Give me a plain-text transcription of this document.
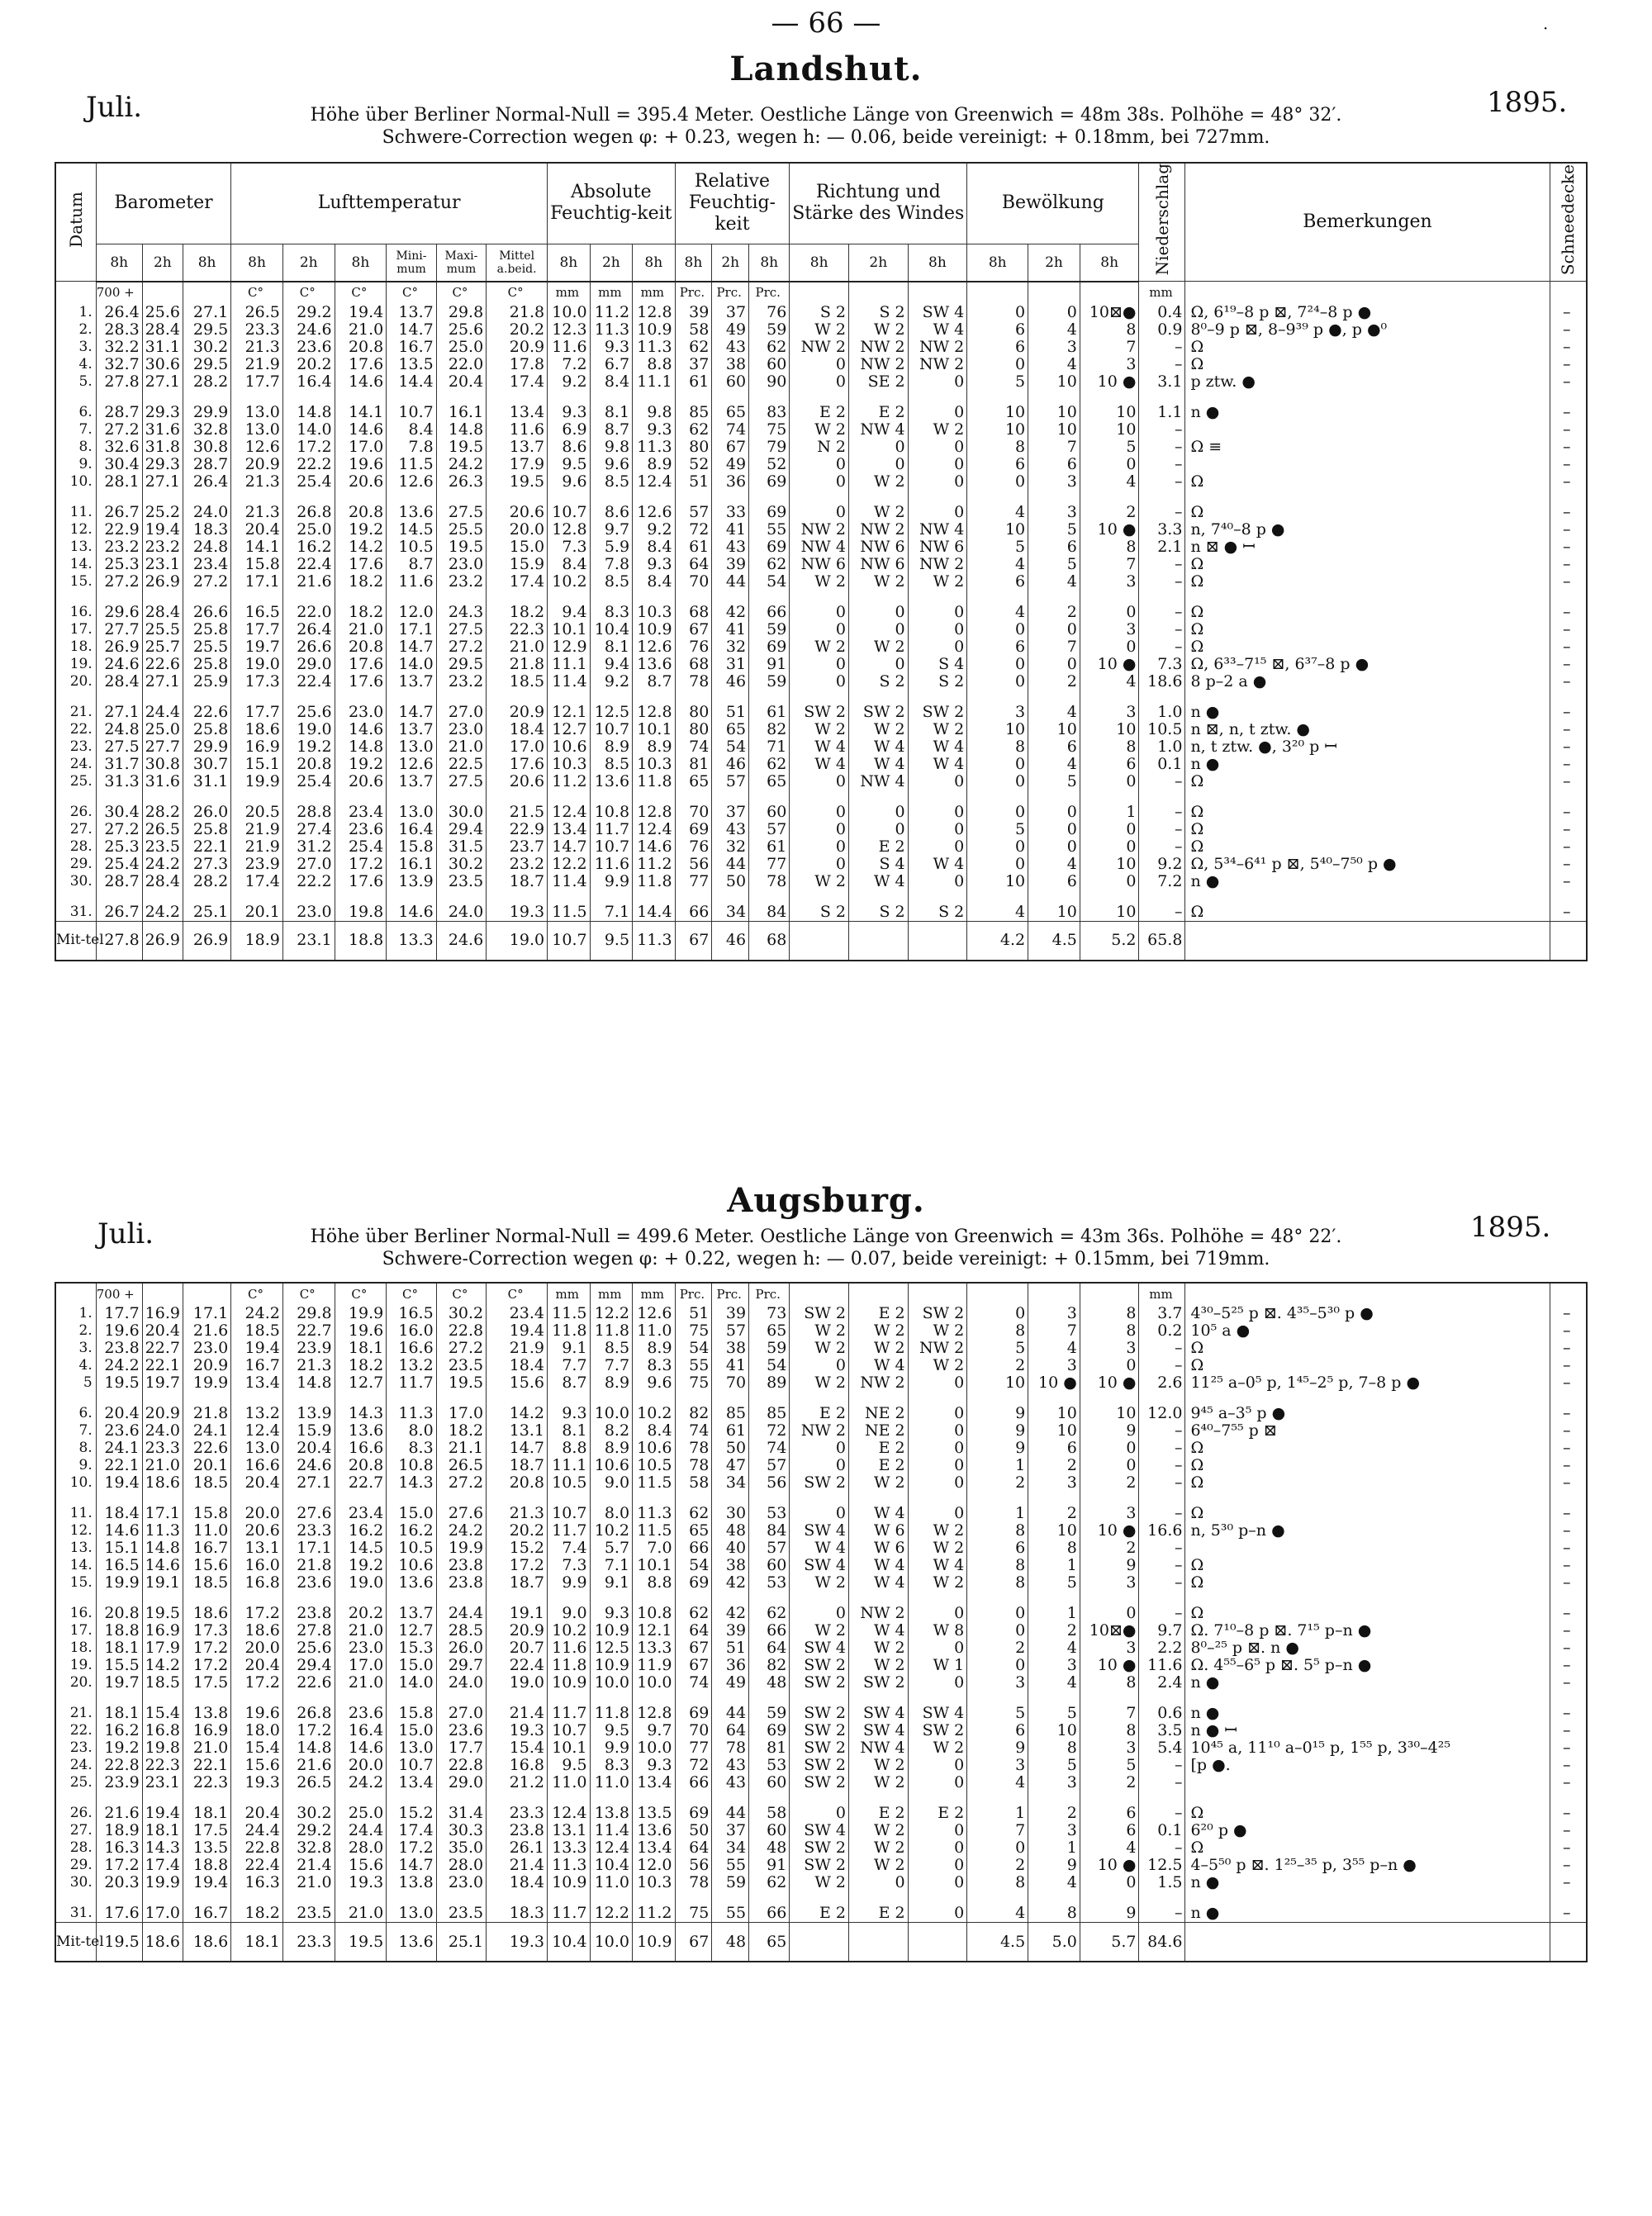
— 66 —	·
Landshut.
Juli.	1895.
Höhe über Berliner Normal-Null = 395.4 Meter. Oestliche Länge von Greenwich = 48m 38s. Polhöhe = 48° 32′.
Schwere-Correction wegen φ: + 0.23, wegen h: — 0.06, beide vereinigt: + 0.18mm, bei 727mm.
Datum	Barometer			Lufttemperatur						Absolute Feuchtig-keit			Relative Feuchtig-keit			Richtung und Stärke des Windes			Bewölkung			Niederschlag	Bemerkungen	Schneedecke
	8h	2h	8h	8h	2h	8h	Mini-mum	Maxi-mum	Mittel a.beid.	8h	2h	8h	8h	2h	8h	8h	2h	8h	8h	2h	8h			
	700 +			C°	C°	C°	C°	C°	C°	mm	mm	mm	Prc.	Prc.	Prc.							mm		
1.	26.4	25.6	27.1	26.5	29.2	19.4	13.7	29.8	21.8	10.0	11.2	12.8	39	37	76	S 2	S 2	SW 4	0	0	10⊠●	0.4	Ω, 6¹⁹–8 p ⊠, 7²⁴–8 p ●	–
2.	28.3	28.4	29.5	23.3	24.6	21.0	14.7	25.6	20.2	12.3	11.3	10.9	58	49	59	W 2	W 2	W 4	6	4	8	0.9	8⁰–9 p ⊠, 8–9³⁹ p ●, p ●⁰	–
3.	32.2	31.1	30.2	21.3	23.6	20.8	16.7	25.0	20.9	11.6	9.3	11.3	62	43	62	NW 2	NW 2	NW 2	6	3	7	–	Ω	–
4.	32.7	30.6	29.5	21.9	20.2	17.6	13.5	22.0	17.8	7.2	6.7	8.8	37	38	60	0	NW 2	NW 2	0	4	3	–	Ω	–
5.	27.8	27.1	28.2	17.7	16.4	14.6	14.4	20.4	17.4	9.2	8.4	11.1	61	60	90	0	SE 2	0	5	10	10 ●	3.1	p ztw. ●	–

6.	28.7	29.3	29.9	13.0	14.8	14.1	10.7	16.1	13.4	9.3	8.1	9.8	85	65	83	E 2	E 2	0	10	10	10	1.1	n ●	–
7.	27.2	31.6	32.8	13.0	14.0	14.6	8.4	14.8	11.6	6.9	8.7	9.3	62	74	75	W 2	NW 4	W 2	10	10	10	–		–
8.	32.6	31.8	30.8	12.6	17.2	17.0	7.8	19.5	13.7	8.6	9.8	11.3	80	67	79	N 2	0	0	8	7	5	–	Ω ≡	–
9.	30.4	29.3	28.7	20.9	22.2	19.6	11.5	24.2	17.9	9.5	9.6	8.9	52	49	52	0	0	0	6	6	0	–		–
10.	28.1	27.1	26.4	21.3	25.4	20.6	12.6	26.3	19.5	9.6	8.5	12.4	51	36	69	0	W 2	0	0	3	4	–	Ω	–

11.	26.7	25.2	24.0	21.3	26.8	20.8	13.6	27.5	20.6	10.7	8.6	12.6	57	33	69	0	W 2	0	4	3	2	–	Ω	–
12.	22.9	19.4	18.3	20.4	25.0	19.2	14.5	25.5	20.0	12.8	9.7	9.2	72	41	55	NW 2	NW 2	NW 4	10	5	10 ●	3.3	n, 7⁴⁰–8 p ●	–
13.	23.2	23.2	24.8	14.1	16.2	14.2	10.5	19.5	15.0	7.3	5.9	8.4	61	43	69	NW 4	NW 6	NW 6	5	6	8	2.1	n ⊠ ● ꟷ	–
14.	25.3	23.1	23.4	15.8	22.4	17.6	8.7	23.0	15.9	8.4	7.8	9.3	64	39	62	NW 6	NW 6	NW 2	4	5	7	–	Ω	–
15.	27.2	26.9	27.2	17.1	21.6	18.2	11.6	23.2	17.4	10.2	8.5	8.4	70	44	54	W 2	W 2	W 2	6	4	3	–	Ω	–

16.	29.6	28.4	26.6	16.5	22.0	18.2	12.0	24.3	18.2	9.4	8.3	10.3	68	42	66	0	0	0	4	2	0	–	Ω	–
17.	27.7	25.5	25.8	17.7	26.4	21.0	17.1	27.5	22.3	10.1	10.4	10.9	67	41	59	0	0	0	0	0	3	–	Ω	–
18.	26.9	25.7	25.5	19.7	26.6	20.8	14.7	27.2	21.0	12.9	8.1	12.6	76	32	69	W 2	W 2	0	6	7	0	–	Ω	–
19.	24.6	22.6	25.8	19.0	29.0	17.6	14.0	29.5	21.8	11.1	9.4	13.6	68	31	91	0	0	S 4	0	0	10 ●	7.3	Ω, 6³³–7¹⁵ ⊠, 6³⁷–8 p ●	–
20.	28.4	27.1	25.9	17.3	22.4	17.6	13.7	23.2	18.5	11.4	9.2	8.7	78	46	59	0	S 2	S 2	0	2	4	18.6	8 p–2 a ●	–

21.	27.1	24.4	22.6	17.7	25.6	23.0	14.7	27.0	20.9	12.1	12.5	12.8	80	51	61	SW 2	SW 2	SW 2	3	4	3	1.0	n ●	–
22.	24.8	25.0	25.8	18.6	19.0	14.6	13.7	23.0	18.4	12.7	10.7	10.1	80	65	82	W 2	W 2	W 2	10	10	10	10.5	n ⊠, n, t ztw. ●	–
23.	27.5	27.7	29.9	16.9	19.2	14.8	13.0	21.0	17.0	10.6	8.9	8.9	74	54	71	W 4	W 4	W 4	8	6	8	1.0	n, t ztw. ●, 3²⁰ p ꟷ	–
24.	31.7	30.8	30.7	15.1	20.8	19.2	12.6	22.5	17.6	10.3	8.5	10.3	81	46	62	W 4	W 4	W 4	0	4	6	0.1	n ●	–
25.	31.3	31.6	31.1	19.9	25.4	20.6	13.7	27.5	20.6	11.2	13.6	11.8	65	57	65	0	NW 4	0	0	5	0	–	Ω	–

26.	30.4	28.2	26.0	20.5	28.8	23.4	13.0	30.0	21.5	12.4	10.8	12.8	70	37	60	0	0	0	0	0	1	–	Ω	–
27.	27.2	26.5	25.8	21.9	27.4	23.6	16.4	29.4	22.9	13.4	11.7	12.4	69	43	57	0	0	0	5	0	0	–	Ω	–
28.	25.3	23.5	22.1	21.9	31.2	25.4	15.8	31.5	23.7	14.7	10.7	14.6	76	32	61	0	E 2	0	0	0	0	–	Ω	–
29.	25.4	24.2	27.3	23.9	27.0	17.2	16.1	30.2	23.2	12.2	11.6	11.2	56	44	77	0	S 4	W 4	0	4	10	9.2	Ω, 5³⁴–6⁴¹ p ⊠, 5⁴⁰–7⁵⁰ p ●	–
30.	28.7	28.4	28.2	17.4	22.2	17.6	13.9	23.5	18.7	11.4	9.9	11.8	77	50	78	W 2	W 4	0	10	6	0	7.2	n ●	–

31.	26.7	24.2	25.1	20.1	23.0	19.8	14.6	24.0	19.3	11.5	7.1	14.4	66	34	84	S 2	S 2	S 2	4	10	10	–	Ω	–
Mit-tel	27.8	26.9	26.9	18.9	23.1	18.8	13.3	24.6	19.0	10.7	9.5	11.3	67	46	68				4.2	4.5	5.2	65.8		
Augsburg.
Juli.	1895.
Höhe über Berliner Normal-Null = 499.6 Meter. Oestliche Länge von Greenwich = 43m 36s. Polhöhe = 48° 22′.
Schwere-Correction wegen φ: + 0.22, wegen h: — 0.07, beide vereinigt: + 0.15mm, bei 719mm.
	700 +			C°	C°	C°	C°	C°	C°	mm	mm	mm	Prc.	Prc.	Prc.							mm		
1.	17.7	16.9	17.1	24.2	29.8	19.9	16.5	30.2	23.4	11.5	12.2	12.6	51	39	73	SW 2	E 2	SW 2	0	3	8	3.7	4³⁰–5²⁵ p ⊠. 4³⁵–5³⁰ p ●	–
2.	19.6	20.4	21.6	18.5	22.7	19.6	16.0	22.8	19.4	11.8	11.8	11.0	75	57	65	W 2	W 2	W 2	8	7	8	0.2	10⁵ a ●	–
3.	23.8	22.7	23.0	19.4	23.9	18.1	16.6	27.2	21.9	9.1	8.5	8.9	54	38	59	W 2	W 2	NW 2	5	4	3	–	Ω	–
4.	24.2	22.1	20.9	16.7	21.3	18.2	13.2	23.5	18.4	7.7	7.7	8.3	55	41	54	0	W 4	W 2	2	3	0	–	Ω	–
5	19.5	19.7	19.9	13.4	14.8	12.7	11.7	19.5	15.6	8.7	8.9	9.6	75	70	89	W 2	NW 2	0	10	10 ●	10 ●	2.6	11²⁵ a–0⁵ p, 1⁴⁵–2⁵ p, 7–8 p ●	–

6.	20.4	20.9	21.8	13.2	13.9	14.3	11.3	17.0	14.2	9.3	10.0	10.2	82	85	85	E 2	NE 2	0	9	10	10	12.0	9⁴⁵ a–3⁵ p ●	–
7.	23.6	24.0	24.1	12.4	15.9	13.6	8.0	18.2	13.1	8.1	8.2	8.4	74	61	72	NW 2	NE 2	0	9	10	9	–	6⁴⁰–7⁵⁵ p ⊠	–
8.	24.1	23.3	22.6	13.0	20.4	16.6	8.3	21.1	14.7	8.8	8.9	10.6	78	50	74	0	E 2	0	9	6	0	–	Ω	–
9.	22.1	21.0	20.1	16.6	24.6	20.8	10.8	26.5	18.7	11.1	10.6	10.5	78	47	57	0	E 2	0	1	2	0	–	Ω	–
10.	19.4	18.6	18.5	20.4	27.1	22.7	14.3	27.2	20.8	10.5	9.0	11.5	58	34	56	SW 2	W 2	0	2	3	2	–	Ω	–

11.	18.4	17.1	15.8	20.0	27.6	23.4	15.0	27.6	21.3	10.7	8.0	11.3	62	30	53	0	W 4	0	1	2	3	–	Ω	–
12.	14.6	11.3	11.0	20.6	23.3	16.2	16.2	24.2	20.2	11.7	10.2	11.5	65	48	84	SW 4	W 6	W 2	8	10	10 ●	16.6	n, 5³⁰ p–n ●	–
13.	15.1	14.8	16.7	13.1	17.1	14.5	10.5	19.9	15.2	7.4	5.7	7.0	66	40	57	W 4	W 6	W 2	6	8	2	–		–
14.	16.5	14.6	15.6	16.0	21.8	19.2	10.6	23.8	17.2	7.3	7.1	10.1	54	38	60	SW 4	W 4	W 4	8	1	9	–	Ω	–
15.	19.9	19.1	18.5	16.8	23.6	19.0	13.6	23.8	18.7	9.9	9.1	8.8	69	42	53	W 2	W 4	W 2	8	5	3	–	Ω	–

16.	20.8	19.5	18.6	17.2	23.8	20.2	13.7	24.4	19.1	9.0	9.3	10.8	62	42	62	0	NW 2	0	0	1	0	–	Ω	–
17.	18.8	16.9	17.3	18.6	27.8	21.0	12.7	28.5	20.9	10.2	10.9	12.1	64	39	66	W 2	W 4	W 8	0	2	10⊠●	9.7	Ω. 7¹⁰–8 p ⊠. 7¹⁵ p–n ●	–
18.	18.1	17.9	17.2	20.0	25.6	23.0	15.3	26.0	20.7	11.6	12.5	13.3	67	51	64	SW 4	W 2	0	2	4	3	2.2	8⁰–²⁵ p ⊠. n ●	–
19.	15.5	14.2	17.2	20.4	29.4	17.0	15.0	29.7	22.4	11.8	10.9	11.9	67	36	82	SW 2	W 2	W 1	0	3	10 ●	11.6	Ω. 4⁵⁵–6⁵ p ⊠. 5⁵ p–n ●	–
20.	19.7	18.5	17.5	17.2	22.6	21.0	14.0	24.0	19.0	10.9	10.0	10.0	74	49	48	SW 2	SW 2	0	3	4	8	2.4	n ●	–

21.	18.1	15.4	13.8	19.6	26.8	23.6	15.8	27.0	21.4	11.7	11.8	12.8	69	44	59	SW 2	SW 4	SW 4	5	5	7	0.6	n ●	–
22.	16.2	16.8	16.9	18.0	17.2	16.4	15.0	23.6	19.3	10.7	9.5	9.7	70	64	69	SW 2	SW 4	SW 2	6	10	8	3.5	n ● ꟷ	–
23.	19.2	19.8	21.0	15.4	14.8	14.6	13.0	17.7	15.4	10.1	9.9	10.0	77	78	81	SW 2	NW 4	W 2	9	8	3	5.4	10⁴⁵ a, 11¹⁰ a–0¹⁵ p, 1⁵⁵ p, 3³⁰–4²⁵	–
24.	22.8	22.3	22.1	15.6	21.6	20.0	10.7	22.8	16.8	9.5	8.3	9.3	72	43	53	SW 2	W 2	0	3	5	5	–	[p ●.	–
25.	23.9	23.1	22.3	19.3	26.5	24.2	13.4	29.0	21.2	11.0	11.0	13.4	66	43	60	SW 2	W 2	0	4	3	2	–		–

26.	21.6	19.4	18.1	20.4	30.2	25.0	15.2	31.4	23.3	12.4	13.8	13.5	69	44	58	0	E 2	E 2	1	2	6	–	Ω	–
27.	18.9	18.1	17.5	24.4	29.2	24.4	17.4	30.3	23.8	13.1	11.4	13.6	50	37	60	SW 4	W 2	0	7	3	6	0.1	6²⁰ p ●	–
28.	16.3	14.3	13.5	22.8	32.8	28.0	17.2	35.0	26.1	13.3	12.4	13.4	64	34	48	SW 2	W 2	0	0	1	4	–	Ω	–
29.	17.2	17.4	18.8	22.4	21.4	15.6	14.7	28.0	21.4	11.3	10.4	12.0	56	55	91	SW 2	W 2	0	2	9	10 ●	12.5	4–5⁵⁰ p ⊠. 1²⁵–³⁵ p, 3⁵⁵ p–n ●	–
30.	20.3	19.9	19.4	16.3	21.0	19.3	13.8	23.0	18.4	10.9	11.0	10.3	78	59	62	W 2	0	0	8	4	0	1.5	n ●	–

31.	17.6	17.0	16.7	18.2	23.5	21.0	13.0	23.5	18.3	11.7	12.2	11.2	75	55	66	E 2	E 2	0	4	8	9	–	n ●	–
Mit-tel	19.5	18.6	18.6	18.1	23.3	19.5	13.6	25.1	19.3	10.4	10.0	10.9	67	48	65				4.5	5.0	5.7	84.6		
